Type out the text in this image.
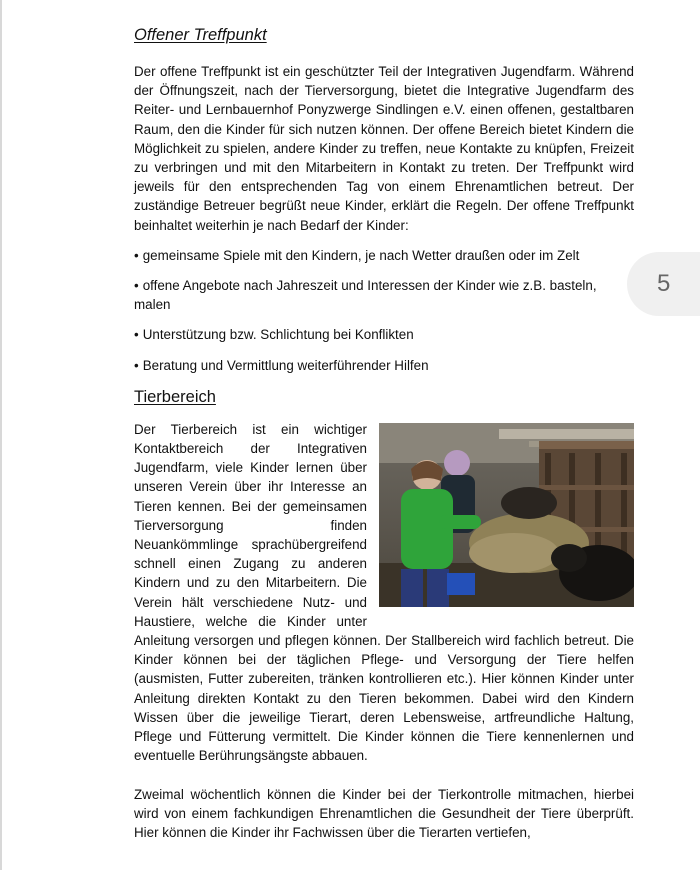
Offener Treffpunkt

Der offene Treffpunkt ist ein geschützter Teil der Integrativen Jugendfarm. Während der Öffnungszeit, nach der Tierversorgung, bietet die Integrative Jugendfarm des Reiter- und Lernbauernhof Ponyzwerge Sindlingen e.V. einen offenen, gestaltbaren Raum, den die Kinder für sich nutzen können. Der offene Bereich bietet Kindern die Möglichkeit zu spielen, andere Kinder zu treffen, neue Kontakte zu knüpfen, Freizeit zu verbringen und mit den Mitarbeitern in Kontakt zu treten. Der Treffpunkt wird jeweils für den entsprechenden Tag von einem Ehrenamtlichen betreut. Der zuständige Betreuer begrüßt neue Kinder, erklärt die Regeln. Der offene Treffpunkt beinhaltet weiterhin je nach Bedarf der Kinder:

• gemeinsame Spiele mit den Kindern, je nach Wetter draußen oder im Zelt
• offene Angebote nach Jahreszeit und Interessen der Kinder wie z.B. basteln, malen
• Unterstützung bzw. Schlichtung bei Konflikten
• Beratung und Vermittlung weiterführender Hilfen
Tierbereich

Der Tierbereich ist ein wichtiger Kontaktbereich der Integrativen Jugendfarm, viele Kinder lernen über unseren Verein über ihr Interesse an Tieren kennen. Bei der gemeinsamen Tierversorgung finden Neuankömmlinge sprachübergreifend schnell einen Zugang zu anderen Kindern und zu den Mitarbeitern. Die Verein hält verschiedene Nutz- und Haustiere, welche die Kinder unter Anleitung versorgen und pflegen können. Der Stallbereich wird fachlich betreut. Die Kinder können bei der täglichen Pflege- und Versorgung der Tiere helfen (ausmisten, Futter zubereiten, tränken kontrollieren etc.). Hier können Kinder unter Anleitung direkten Kontakt zu den Tieren bekommen. Dabei wird den Kindern Wissen über die jeweilige Tierart, deren Lebensweise, artfreundliche Haltung, Pflege und Fütterung vermittelt. Die Kinder können die Tiere kennenlernen und eventuelle Berührungsängste abbauen.

Zweimal wöchentlich können die Kinder bei der Tierkontrolle mitmachen, hierbei wird von einem fachkundigen Ehrenamtlichen die Gesundheit der Tiere überprüft. Hier können die Kinder ihr Fachwissen über die Tierarten vertiefen,

5
